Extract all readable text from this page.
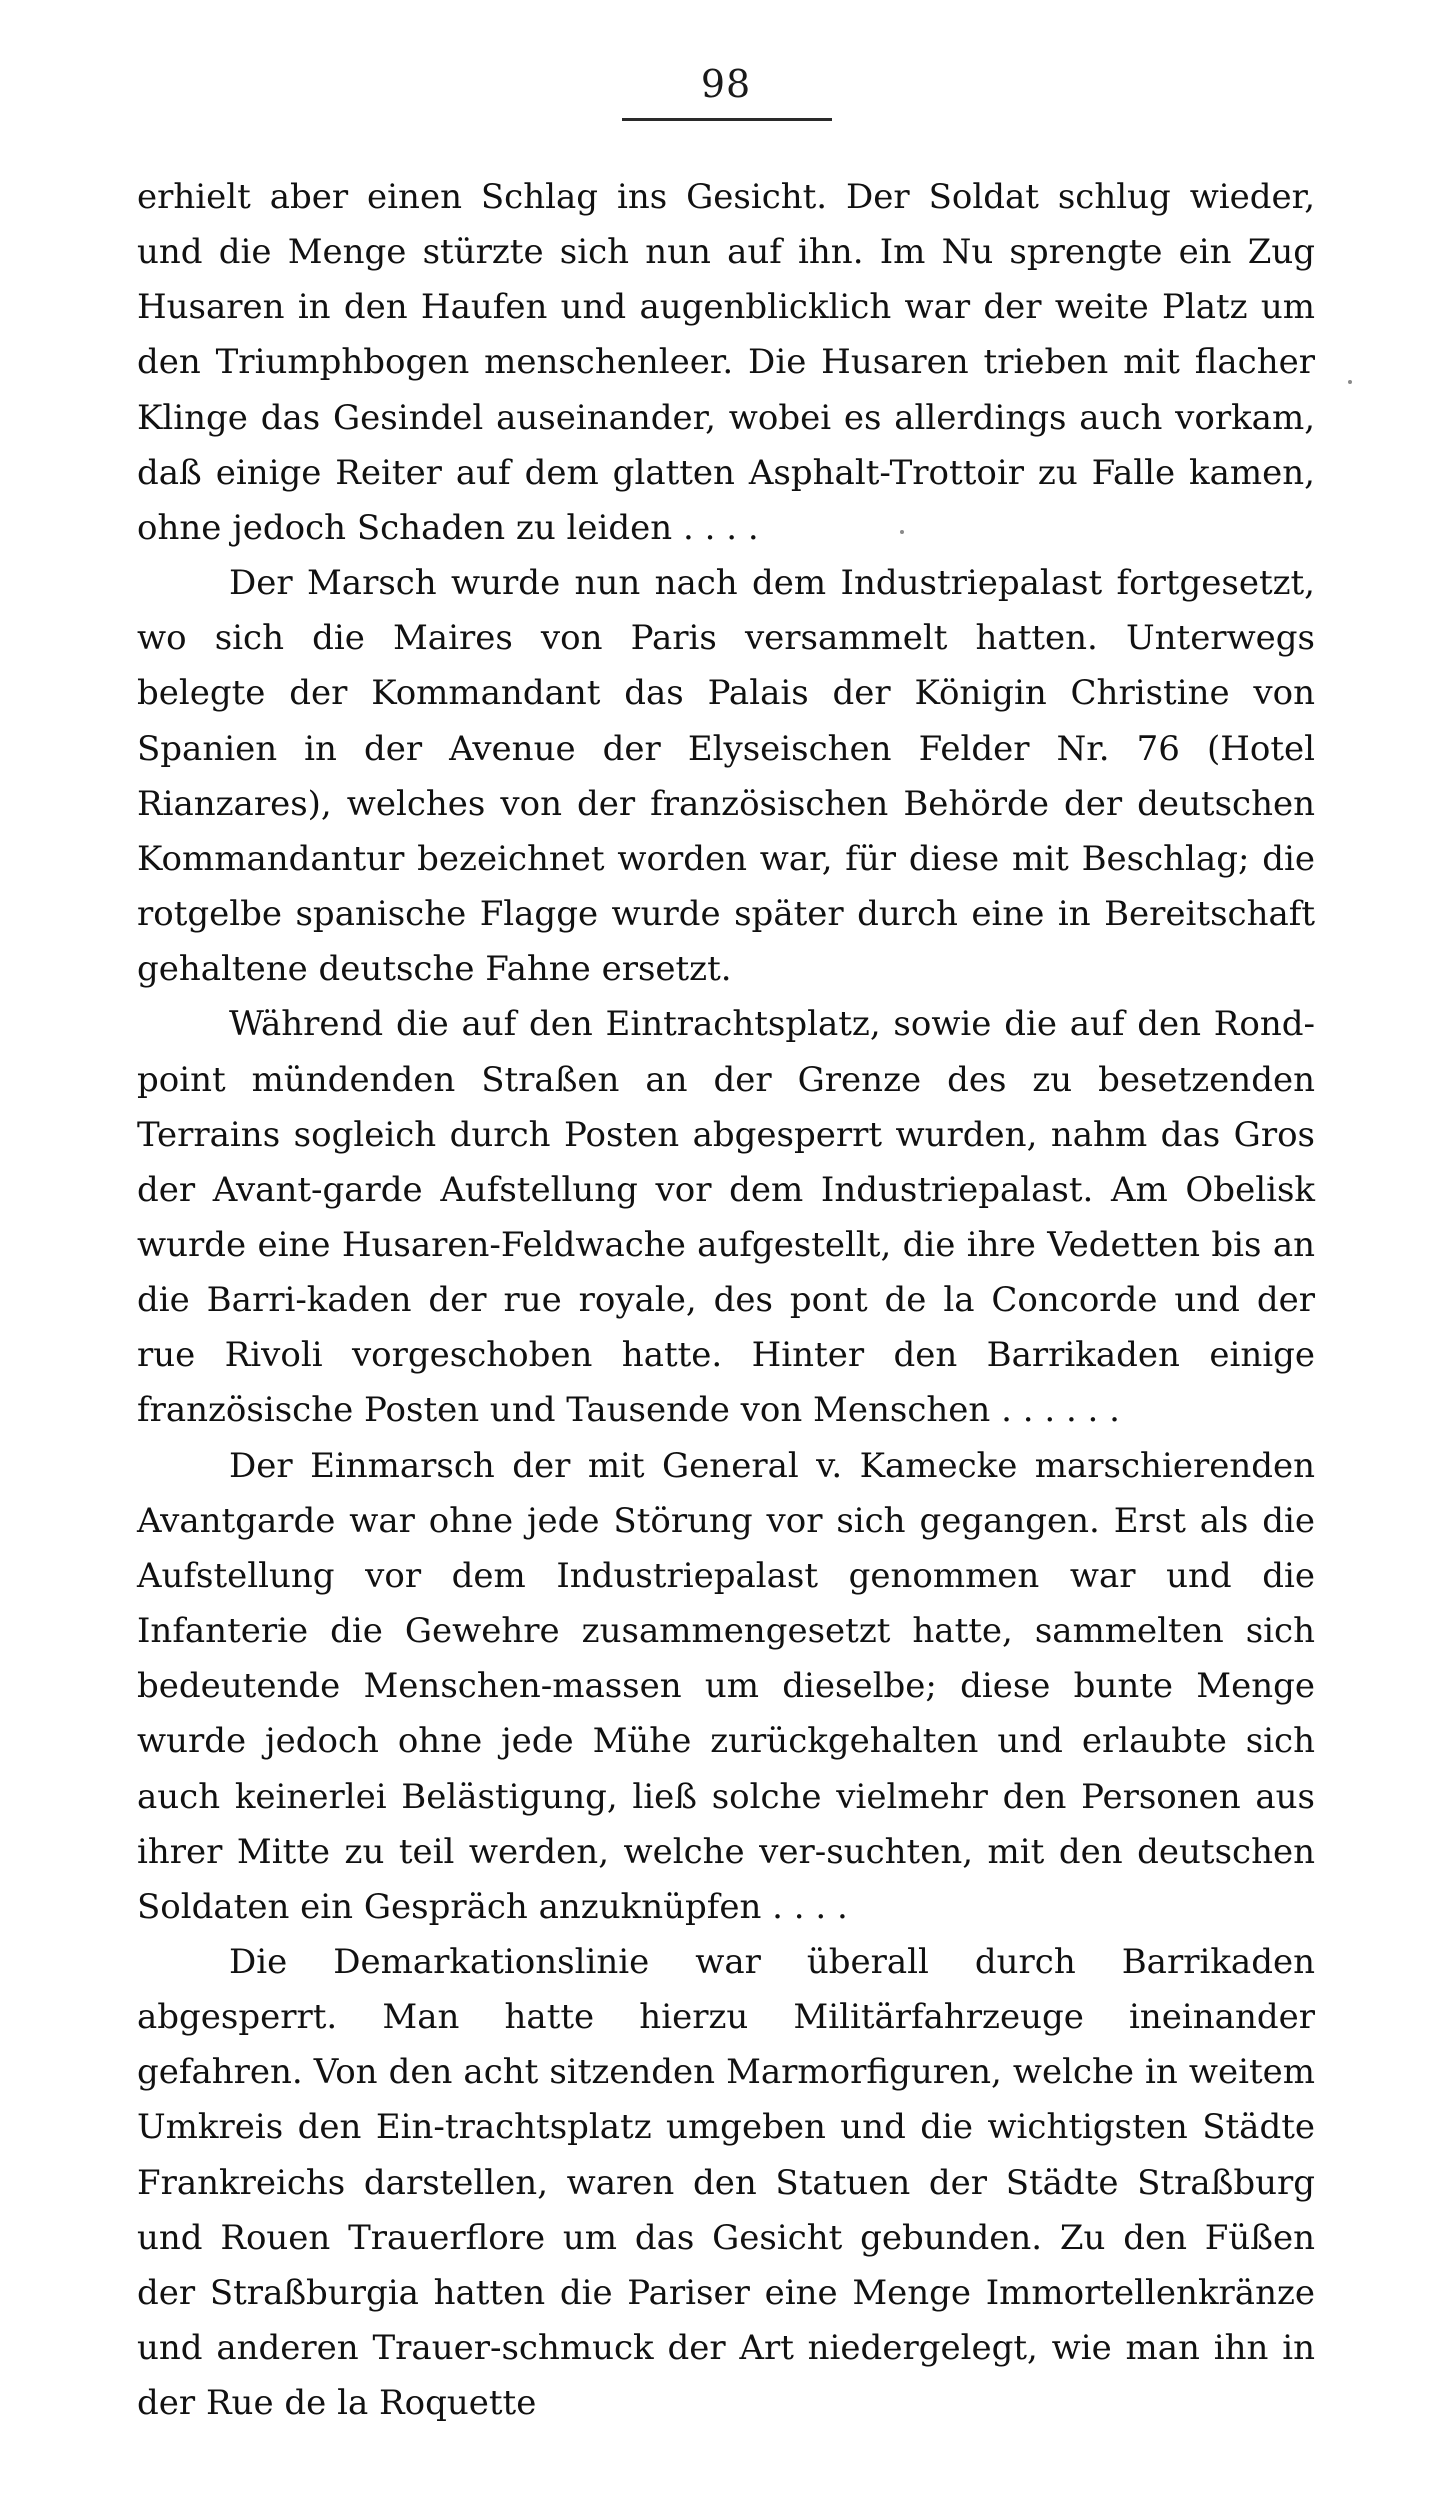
98

erhielt aber einen Schlag ins Gesicht. Der Soldat schlug wieder, und die Menge stürzte sich nun auf ihn. Im Nu sprengte ein Zug Husaren in den Haufen und augenblicklich war der weite Platz um den Triumphbogen menschenleer. Die Husaren trieben mit flacher Klinge das Gesindel auseinander, wobei es allerdings auch vorkam, daß einige Reiter auf dem glatten Asphalt-Trottoir zu Falle kamen, ohne jedoch Schaden zu leiden . . . .

Der Marsch wurde nun nach dem Industriepalast fortgesetzt, wo sich die Maires von Paris versammelt hatten. Unterwegs belegte der Kommandant das Palais der Königin Christine von Spanien in der Avenue der Elyseischen Felder Nr. 76 (Hotel Rianzares), welches von der französischen Behörde der deutschen Kommandantur bezeichnet worden war, für diese mit Beschlag; die rotgelbe spanische Flagge wurde später durch eine in Bereitschaft gehaltene deutsche Fahne ersetzt.

Während die auf den Eintrachtsplatz, sowie die auf den Rond-point mündenden Straßen an der Grenze des zu besetzenden Terrains sogleich durch Posten abgesperrt wurden, nahm das Gros der Avant-garde Aufstellung vor dem Industriepalast. Am Obelisk wurde eine Husaren-Feldwache aufgestellt, die ihre Vedetten bis an die Barri-kaden der rue royale, des pont de la Concorde und der rue Rivoli vorgeschoben hatte. Hinter den Barrikaden einige französische Posten und Tausende von Menschen . . . . . .

Der Einmarsch der mit General v. Kamecke marschierenden Avantgarde war ohne jede Störung vor sich gegangen. Erst als die Aufstellung vor dem Industriepalast genommen war und die Infanterie die Gewehre zusammengesetzt hatte, sammelten sich bedeutende Menschen-massen um dieselbe; diese bunte Menge wurde jedoch ohne jede Mühe zurückgehalten und erlaubte sich auch keinerlei Belästigung, ließ solche vielmehr den Personen aus ihrer Mitte zu teil werden, welche ver-suchten, mit den deutschen Soldaten ein Gespräch anzuknüpfen . . . .

Die Demarkationslinie war überall durch Barrikaden abgesperrt. Man hatte hierzu Militärfahrzeuge ineinander gefahren. Von den acht sitzenden Marmorfiguren, welche in weitem Umkreis den Ein-trachtsplatz umgeben und die wichtigsten Städte Frankreichs darstellen, waren den Statuen der Städte Straßburg und Rouen Trauerflore um das Gesicht gebunden. Zu den Füßen der Straßburgia hatten die Pariser eine Menge Immortellenkränze und anderen Trauer-schmuck der Art niedergelegt, wie man ihn in der Rue de la Roquette
